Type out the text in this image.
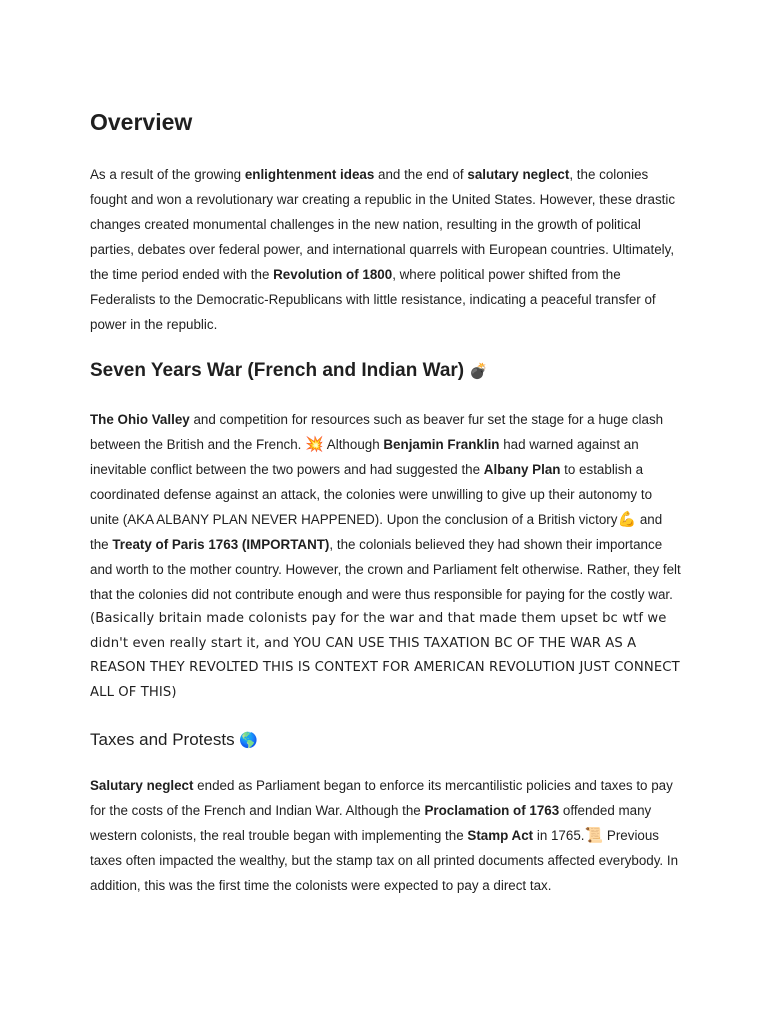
Overview

As a result of the growing enlightenment ideas and the end of salutary neglect, the colonies fought and won a revolutionary war creating a republic in the United States. However, these drastic changes created monumental challenges in the new nation, resulting in the growth of political parties, debates over federal power, and international quarrels with European countries. Ultimately, the time period ended with the Revolution of 1800, where political power shifted from the Federalists to the Democratic-Republicans with little resistance, indicating a peaceful transfer of power in the republic.

Seven Years War (French and Indian War) 💣

The Ohio Valley and competition for resources such as beaver fur set the stage for a huge clash between the British and the French. 💥 Although Benjamin Franklin had warned against an inevitable conflict between the two powers and had suggested the Albany Plan to establish a coordinated defense against an attack, the colonies were unwilling to give up their autonomy to unite (AKA ALBANY PLAN NEVER HAPPENED). Upon the conclusion of a British victory💪 and the Treaty of Paris 1763 (IMPORTANT), the colonials believed they had shown their importance and worth to the mother country. However, the crown and Parliament felt otherwise. Rather, they felt that the colonies did not contribute enough and were thus responsible for paying for the costly war.

(Basically britain made colonists pay for the war and that made them upset bc wtf we didn't even really start it, and YOU CAN USE THIS TAXATION BC OF THE WAR AS A REASON THEY REVOLTED THIS IS CONTEXT FOR AMERICAN REVOLUTION JUST CONNECT ALL OF THIS)

Taxes and Protests 🌎

Salutary neglect ended as Parliament began to enforce its mercantilistic policies and taxes to pay for the costs of the French and Indian War. Although the Proclamation of 1763 offended many western colonists, the real trouble began with implementing the Stamp Act in 1765.📜 Previous taxes often impacted the wealthy, but the stamp tax on all printed documents affected everybody. In addition, this was the first time the colonists were expected to pay a direct tax.
